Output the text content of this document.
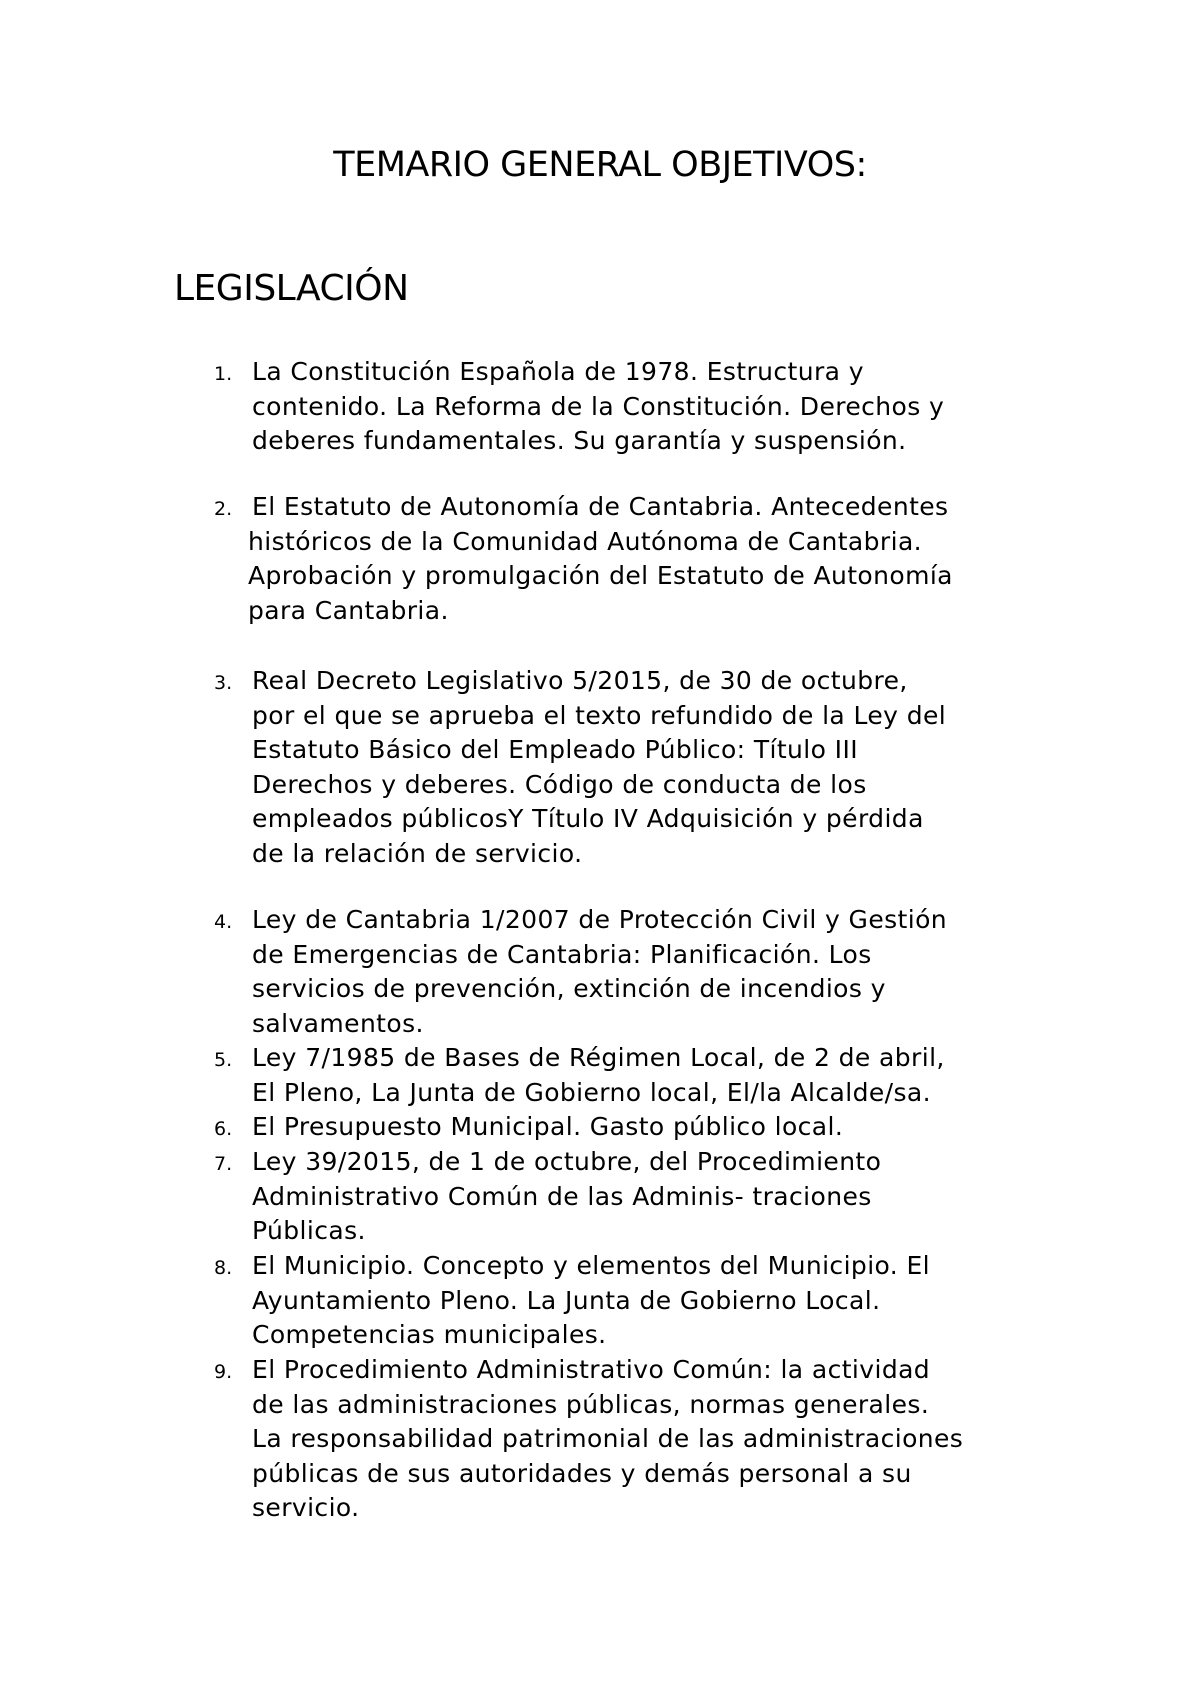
TEMARIO GENERAL OBJETIVOS:
LEGISLACIÓN
1. La Constitución Española de 1978. Estructura y
contenido. La Reforma de la Constitución. Derechos y
deberes fundamentales. Su garantía y suspensión.
2. El Estatuto de Autonomía de Cantabria. Antecedentes
históricos de la Comunidad Autónoma de Cantabria.
Aprobación y promulgación del Estatuto de Autonomía
para Cantabria.
3. Real Decreto Legislativo 5/2015, de 30 de octubre,
por el que se aprueba el texto refundido de la Ley del
Estatuto Básico del Empleado Público: Título III
Derechos y deberes. Código de conducta de los
empleados públicosY Título IV Adquisición y pérdida
de la relación de servicio.
4. Ley de Cantabria 1/2007 de Protección Civil y Gestión
de Emergencias de Cantabria: Planificación. Los
servicios de prevención, extinción de incendios y
salvamentos.
5. Ley 7/1985 de Bases de Régimen Local, de 2 de abril,
El Pleno, La Junta de Gobierno local, El/la Alcalde/sa.
6. El Presupuesto Municipal. Gasto público local.
7. Ley 39/2015, de 1 de octubre, del Procedimiento
Administrativo Común de las Adminis- traciones
Públicas.
8. El Municipio. Concepto y elementos del Municipio. El
Ayuntamiento Pleno. La Junta de Gobierno Local.
Competencias municipales.
9. El Procedimiento Administrativo Común: la actividad
de las administraciones públicas, normas generales.
La responsabilidad patrimonial de las administraciones
públicas de sus autoridades y demás personal a su
servicio.
